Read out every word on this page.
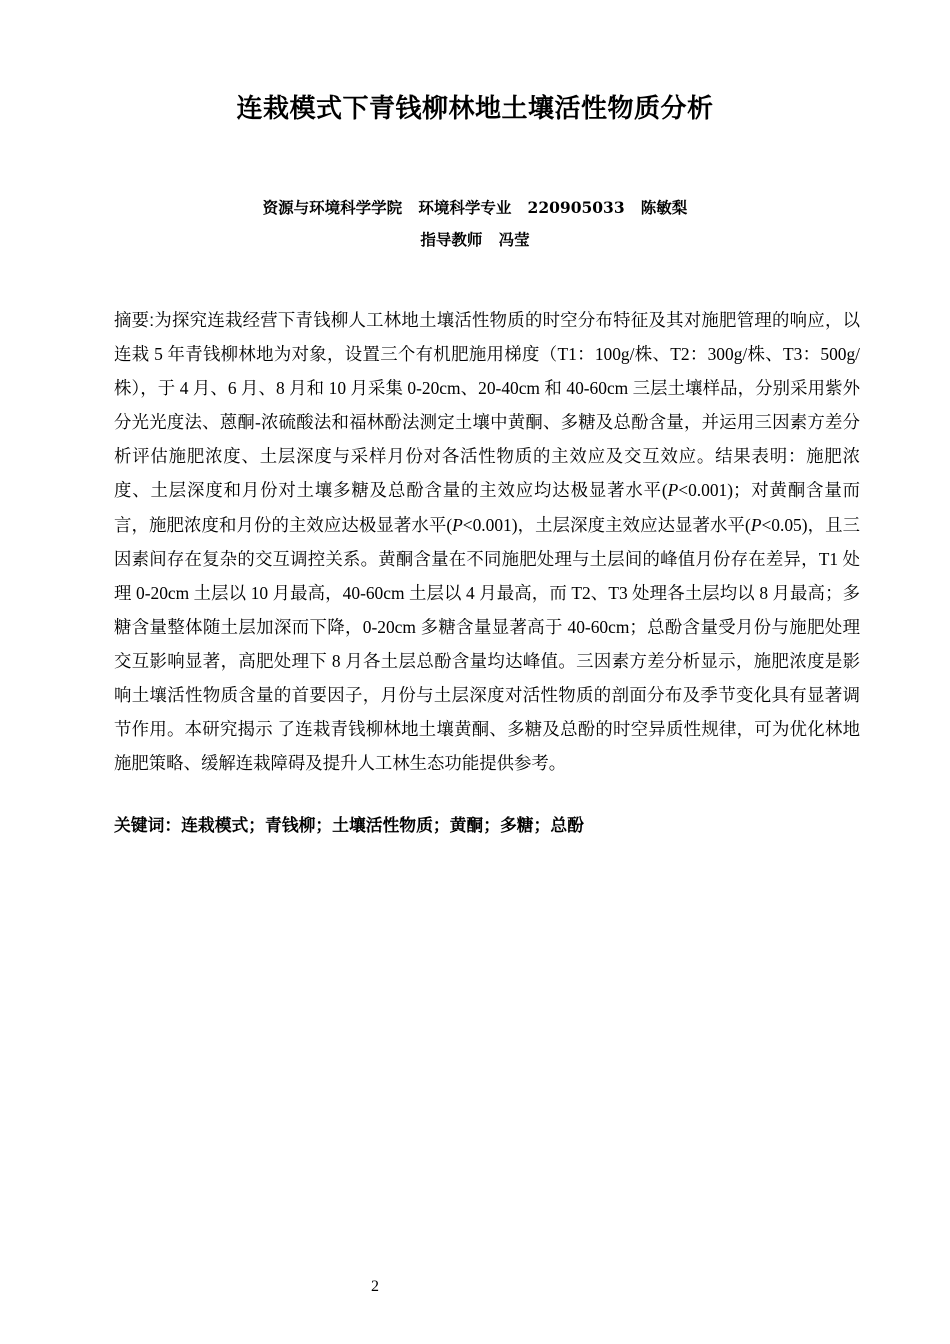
连栽模式下青钱柳林地土壤活性物质分析
资源与环境科学学院   环境科学专业   220905033   陈敏梨
指导教师   冯莹

摘要:为探究连栽经营下青钱柳人工林地土壤活性物质的时空分布特征及其对施肥管理的响应，以连栽 5 年青钱柳林地为对象，设置三个有机肥施用梯度（T1：100g/株、T2：300g/株、T3：500g/株），于 4 月、6 月、8 月和 10 月采集 0-20cm、20-40cm 和 40-60cm 三层土壤样品，分别采用紫外分光光度法、蒽酮-浓硫酸法和福林酚法测定土壤中黄酮、多糖及总酚含量，并运用三因素方差分析评估施肥浓度、土层深度与采样月份对各活性物质的主效应及交互效应。结果表明：施肥浓度、土层深度和月份对土壤多糖及总酚含量的主效应均达极显著水平(P<0.001)；对黄酮含量而言，施肥浓度和月份的主效应达极显著水平(P<0.001)，土层深度主效应达显著水平(P<0.05)，且三因素间存在复杂的交互调控关系。黄酮含量在不同施肥处理与土层间的峰值月份存在差异，T1 处理 0-20cm 土层以 10 月最高，40-60cm 土层以 4 月最高，而 T2、T3 处理各土层均以 8 月最高；多糖含量整体随土层加深而下降，0-20cm 多糖含量显著高于 40-60cm；总酚含量受月份与施肥处理交互影响显著，高肥处理下 8 月各土层总酚含量均达峰值。三因素方差分析显示，施肥浓度是影响土壤活性物质含量的首要因子，月份与土层深度对活性物质的剖面分布及季节变化具有显著调节作用。本研究揭示 了连栽青钱柳林地土壤黄酮、多糖及总酚的时空异质性规律，可为优化林地施肥策略、缓解连栽障碍及提升人工林生态功能提供参考。

关键词：连栽模式；青钱柳；土壤活性物质；黄酮；多糖；总酚

2
